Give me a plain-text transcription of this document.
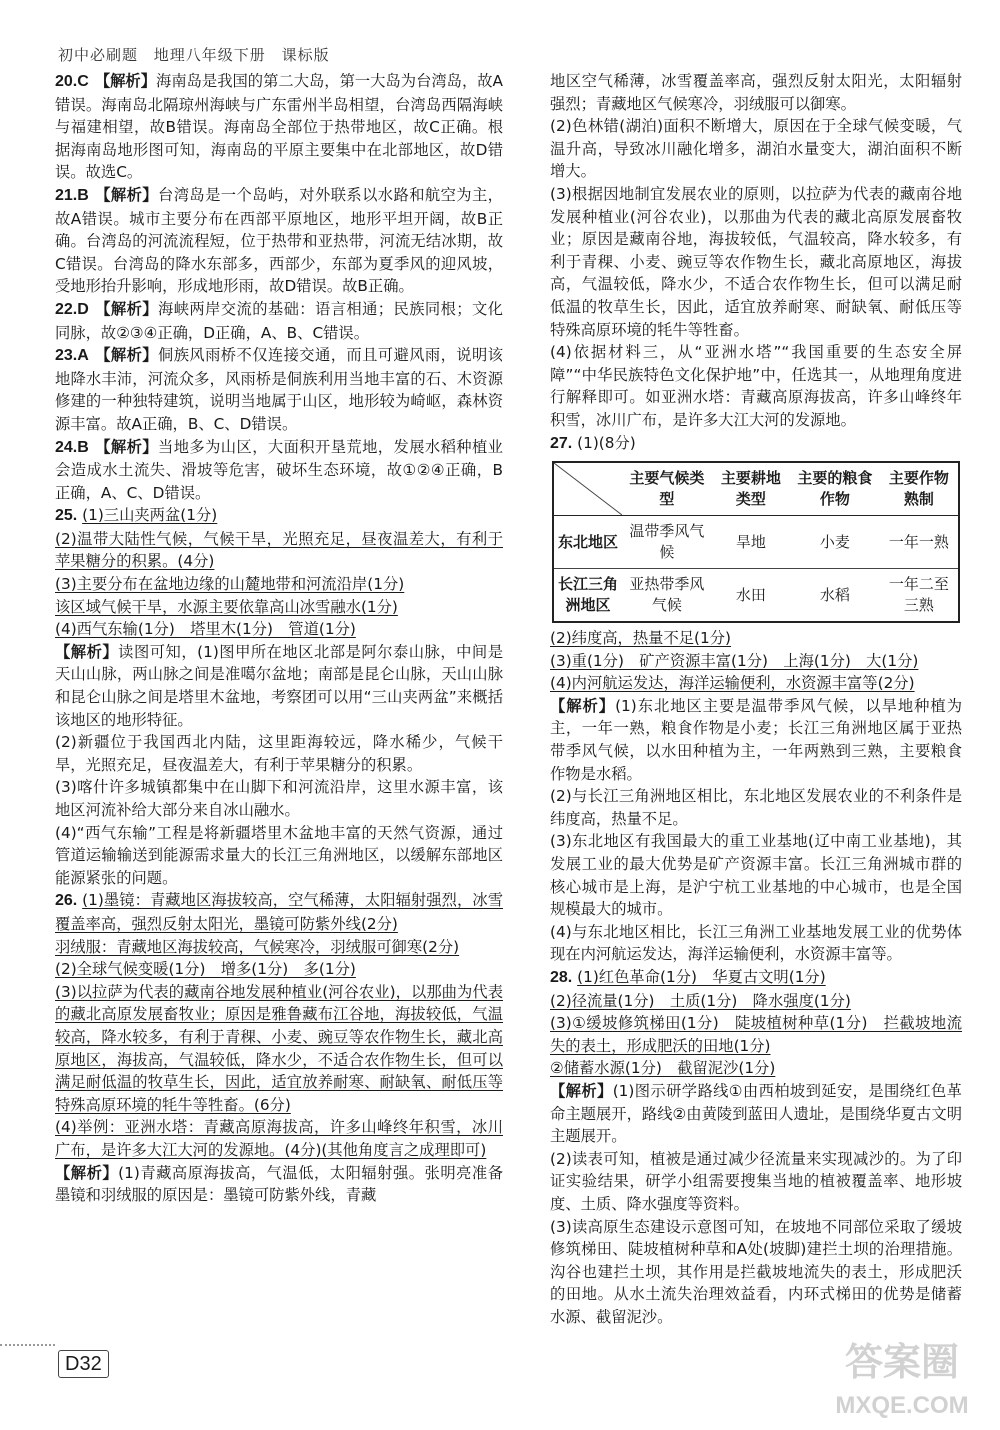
初中必刷题 地理八年级下册 课标版

20.C 【解析】海南岛是我国的第二大岛，第一大岛为台湾岛，故A错误。海南岛北隔琼州海峡与广东雷州半岛相望，台湾岛西隔海峡与福建相望，故B错误。海南岛全部位于热带地区，故C正确。根据海南岛地形图可知，海南岛的平原主要集中在北部地区，故D错误。故选C。

21.B 【解析】台湾岛是一个岛屿，对外联系以水路和航空为主，故A错误。城市主要分布在西部平原地区，地形平坦开阔，故B正确。台湾岛的河流流程短，位于热带和亚热带，河流无结冰期，故C错误。台湾岛的降水东部多，西部少，东部为夏季风的迎风坡，受地形抬升影响，形成地形雨，故D错误。故B正确。

22.D 【解析】海峡两岸交流的基础：语言相通；民族同根；文化同脉，故②③④正确，D正确，A、B、C错误。

23.A 【解析】侗族风雨桥不仅连接交通，而且可避风雨，说明该地降水丰沛，河流众多，风雨桥是侗族利用当地丰富的石、木资源修建的一种独特建筑，说明当地属于山区，地形较为崎岖，森林资源丰富。故A正确，B、C、D错误。

24.B 【解析】当地多为山区，大面积开垦荒地，发展水稻种植业会造成水土流失、滑坡等危害，破坏生态环境，故①②④正确，B正确，A、C、D错误。

25. (1)三山夹两盆(1分)

(2)温带大陆性气候，气候干旱，光照充足，昼夜温差大，有利于苹果糖分的积累。(4分)

(3)主要分布在盆地边缘的山麓地带和河流沿岸(1分)

该区域气候干旱，水源主要依靠高山冰雪融水(1分)

(4)西气东输(1分)　塔里木(1分)　管道(1分)

【解析】读图可知，(1)图甲所在地区北部是阿尔泰山脉，中间是天山山脉，两山脉之间是准噶尔盆地；南部是昆仑山脉，天山山脉和昆仑山脉之间是塔里木盆地，考察团可以用“三山夹两盆”来概括该地区的地形特征。

(2)新疆位于我国西北内陆，这里距海较远，降水稀少，气候干旱，光照充足，昼夜温差大，有利于苹果糖分的积累。

(3)喀什许多城镇都集中在山脚下和河流沿岸，这里水源丰富，该地区河流补给大部分来自冰山融水。

(4)“西气东输”工程是将新疆塔里木盆地丰富的天然气资源，通过管道运输输送到能源需求量大的长江三角洲地区，以缓解东部地区能源紧张的问题。

26. (1)墨镜：青藏地区海拔较高，空气稀薄，太阳辐射强烈，冰雪覆盖率高，强烈反射太阳光，墨镜可防紫外线(2分)

羽绒服：青藏地区海拔较高，气候寒冷，羽绒服可御寒(2分)

(2)全球气候变暖(1分)　增多(1分)　多(1分)

(3)以拉萨为代表的藏南谷地发展种植业(河谷农业)，以那曲为代表的藏北高原发展畜牧业；原因是雅鲁藏布江谷地，海拔较低，气温较高，降水较多，有利于青稞、小麦、豌豆等农作物生长，藏北高原地区，海拔高，气温较低，降水少，不适合农作物生长，但可以满足耐低温的牧草生长，因此，适宜放养耐寒、耐缺氧、耐低压等特殊高原环境的牦牛等牲畜。(6分)

(4)举例：亚洲水塔：青藏高原海拔高，许多山峰终年积雪，冰川广布，是许多大江大河的发源地。(4分)(其他角度言之成理即可)

【解析】(1)青藏高原海拔高，气温低，太阳辐射强。张明亮准备墨镜和羽绒服的原因是：墨镜可防紫外线，青藏

地区空气稀薄，冰雪覆盖率高，强烈反射太阳光，太阳辐射强烈；青藏地区气候寒冷，羽绒服可以御寒。

(2)色林错(湖泊)面积不断增大，原因在于全球气候变暖，气温升高，导致冰川融化增多，湖泊水量变大，湖泊面积不断增大。

(3)根据因地制宜发展农业的原则，以拉萨为代表的藏南谷地发展种植业(河谷农业)，以那曲为代表的藏北高原发展畜牧业；原因是藏南谷地，海拔较低，气温较高，降水较多，有利于青稞、小麦、豌豆等农作物生长，藏北高原地区，海拔高，气温较低，降水少，不适合农作物生长，但可以满足耐低温的牧草生长，因此，适宜放养耐寒、耐缺氧、耐低压等特殊高原环境的牦牛等牲畜。

(4)依据材料三，从“亚洲水塔”“我国重要的生态安全屏障”“中华民族特色文化保护地”中，任选其一，从地理角度进行解释即可。如亚洲水塔：青藏高原海拔高，许多山峰终年积雪，冰川广布，是许多大江大河的发源地。

27. (1)(8分)

	主要气候类型	主要耕地类型	主要的粮食作物	主要作物熟制
东北地区	温带季风气候	旱地	小麦	一年一熟
长江三角洲地区	亚热带季风气候	水田	水稻	一年二至三熟

(2)纬度高，热量不足(1分)

(3)重(1分)　矿产资源丰富(1分)　上海(1分)　大(1分)

(4)内河航运发达，海洋运输便利，水资源丰富等(2分)

【解析】(1)东北地区主要是温带季风气候，以旱地种植为主，一年一熟，粮食作物是小麦；长江三角洲地区属于亚热带季风气候，以水田种植为主，一年两熟到三熟，主要粮食作物是水稻。

(2)与长江三角洲地区相比，东北地区发展农业的不利条件是纬度高，热量不足。

(3)东北地区有我国最大的重工业基地(辽中南工业基地)，其发展工业的最大优势是矿产资源丰富。长江三角洲城市群的核心城市是上海，是沪宁杭工业基地的中心城市，也是全国规模最大的城市。

(4)与东北地区相比，长江三角洲工业基地发展工业的优势体现在内河航运发达，海洋运输便利，水资源丰富等。

28. (1)红色革命(1分)　华夏古文明(1分)

(2)径流量(1分)　土质(1分)　降水强度(1分)

(3)①缓坡修筑梯田(1分)　陡坡植树种草(1分)　拦截坡地流失的表土，形成肥沃的田地(1分)

②储蓄水源(1分)　截留泥沙(1分)

【解析】(1)图示研学路线①由西柏坡到延安，是围绕红色革命主题展开，路线②由黄陵到蓝田人遗址，是围绕华夏古文明主题展开。

(2)读表可知，植被是通过减少径流量来实现减沙的。为了印证实验结果，研学小组需要搜集当地的植被覆盖率、地形坡度、土质、降水强度等资料。

(3)读高原生态建设示意图可知，在坡地不同部位采取了缓坡修筑梯田、陡坡植树种草和A处(坡脚)建拦土坝的治理措施。沟谷也建拦土坝，其作用是拦截坡地流失的表土，形成肥沃的田地。从水土流失治理效益看，内环式梯田的优势是储蓄水源、截留泥沙。

D32	答案圈
MXQE.COM
